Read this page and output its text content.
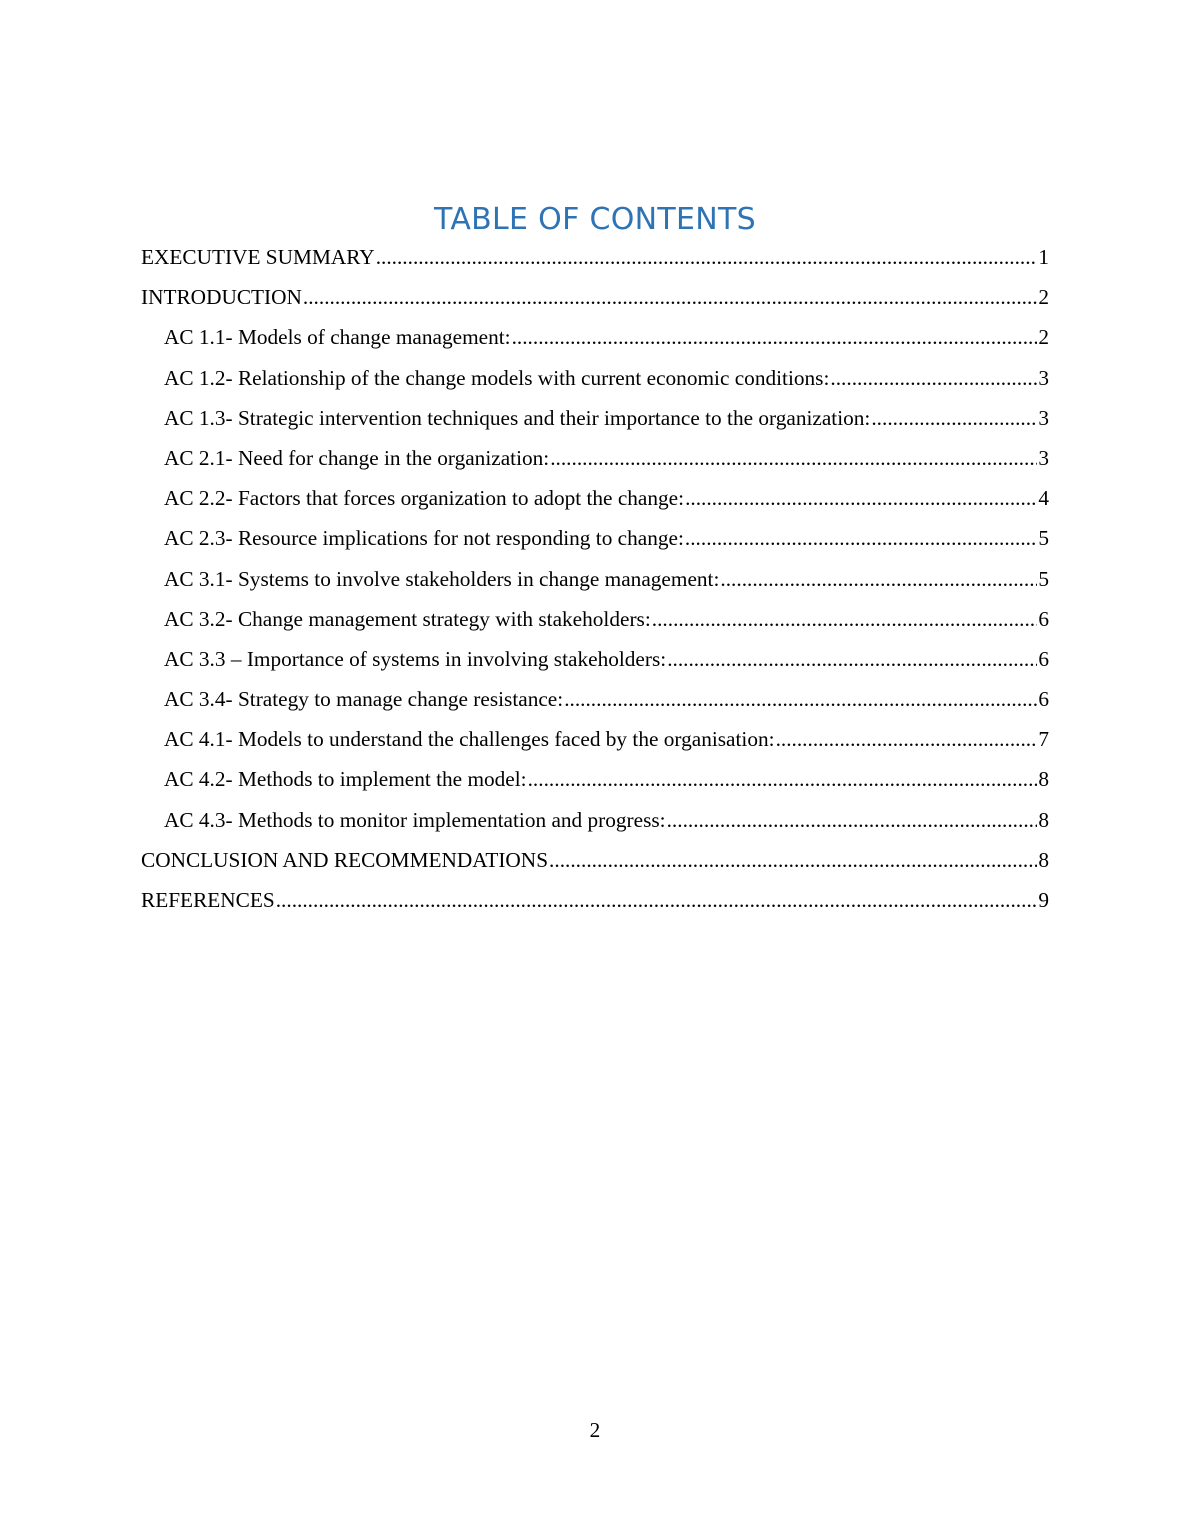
TABLE OF CONTENTS
EXECUTIVE SUMMARY .....	1
INTRODUCTION .....	2
AC 1.1- Models of change management: .....	2
AC 1.2- Relationship of the change models with current economic conditions: .....	3
AC 1.3- Strategic intervention techniques and their importance to the organization: .....	3
AC 2.1- Need for change in the organization: .....	3
AC 2.2- Factors that forces organization to adopt the change: .....	4
AC 2.3- Resource implications for not responding to change: .....	5
AC 3.1- Systems to involve stakeholders in change management: .....	5
AC 3.2- Change management strategy with stakeholders: .....	6
AC 3.3 – Importance of systems in involving stakeholders: .....	6
AC 3.4- Strategy to manage change resistance: .....	6
AC 4.1- Models to understand the challenges faced by the organisation: .....	7
AC 4.2- Methods to implement the model: .....	8
AC 4.3- Methods to monitor implementation and progress: .....	8
CONCLUSION AND RECOMMENDATIONS .....	8
REFERENCES .....	9
2
